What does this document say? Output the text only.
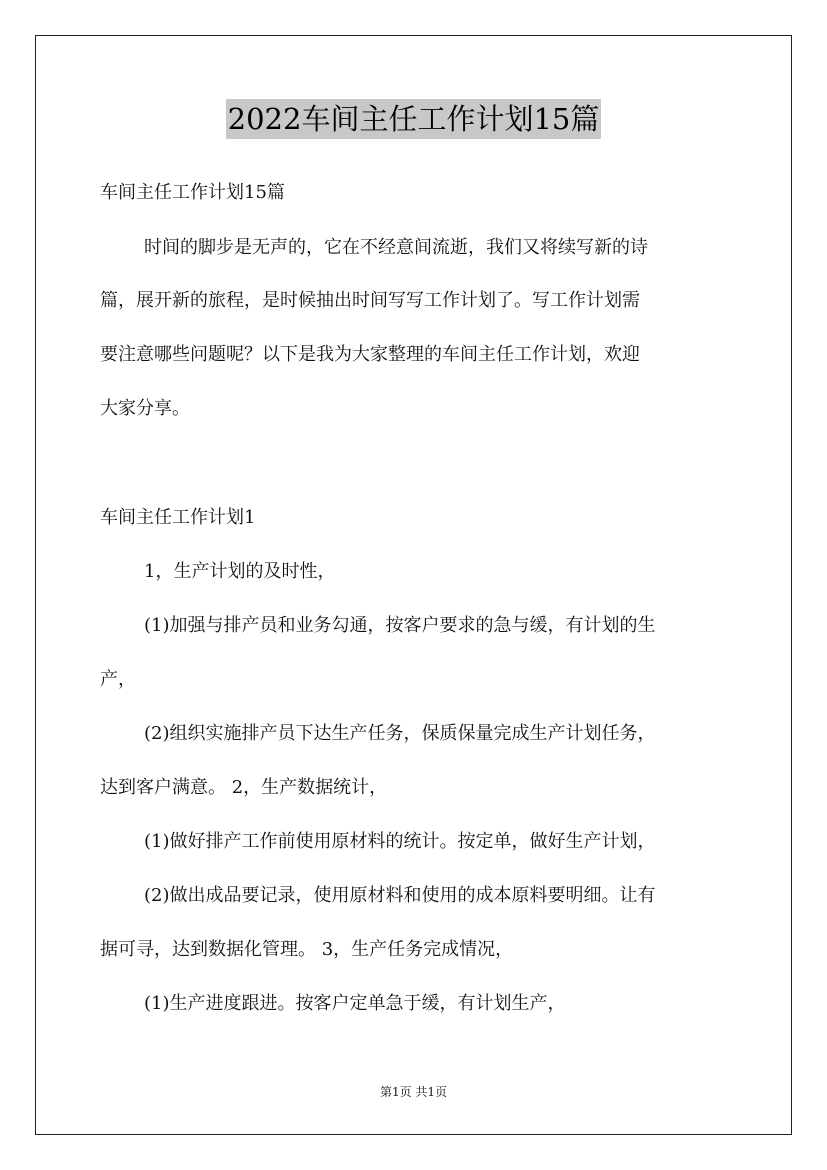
2022车间主任工作计划15篇
车间主任工作计划15篇
时间的脚步是无声的，它在不经意间流逝，我们又将续写新的诗
篇，展开新的旅程，是时候抽出时间写写工作计划了。写工作计划需
要注意哪些问题呢？以下是我为大家整理的车间主任工作计划，欢迎
大家分享。
车间主任工作计划1
1，生产计划的及时性，
(1)加强与排产员和业务勾通，按客户要求的急与缓，有计划的生
产，
(2)组织实施排产员下达生产任务，保质保量完成生产计划任务，
达到客户满意。 2，生产数据统计，
(1)做好排产工作前使用原材料的统计。按定单，做好生产计划，
(2)做出成品要记录，使用原材料和使用的成本原料要明细。让有
据可寻，达到数据化管理。 3，生产任务完成情况，
(1)生产进度跟进。按客户定单急于缓，有计划生产，
第1页 共1页
